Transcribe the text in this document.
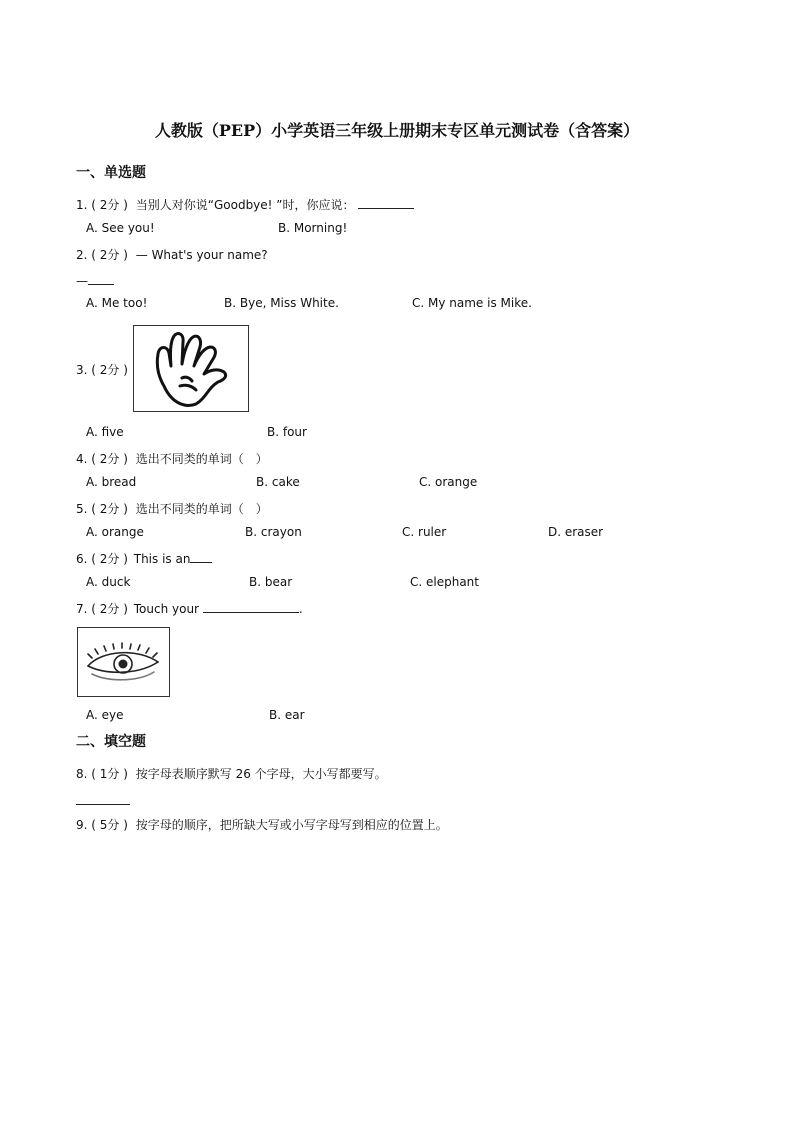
人教版（PEP）小学英语三年级上册期末专区单元测试卷（含答案）
一、单选题
1. ( 2分 ) 当别人对你说“Goodbye! ”时，你应说：
A. See you!	B. Morning!
2. ( 2分 ) — What's your name?
—
A. Me too!	B. Bye, Miss White.	C. My name is Mike.
3. ( 2分 )
A. five	B. four
4. ( 2分 ) 选出不同类的单词（　）
A. bread	B. cake	C. orange
5. ( 2分 ) 选出不同类的单词（　）
A. orange	B. crayon	C. ruler	D. eraser
6. ( 2分 ) This is an
A. duck	B. bear	C. elephant
7. ( 2分 ) Touch your	.
A. eye	B. ear
二、填空题
8. ( 1分 ) 按字母表顺序默写 26 个字母，大小写都要写。
9. ( 5分 ) 按字母的顺序，把所缺大写或小写字母写到相应的位置上。
